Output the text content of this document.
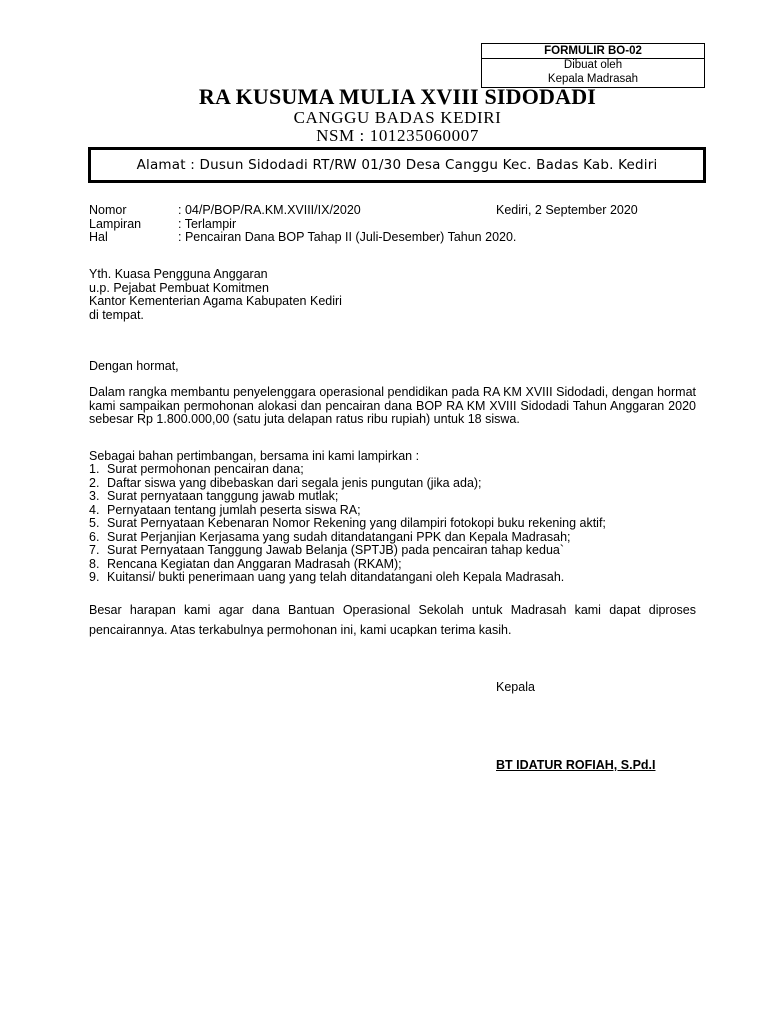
FORMULIR BO-02
Dibuat oleh
Kepala Madrasah
RA KUSUMA MULIA XVIII SIDODADI
CANGGU BADAS KEDIRI
NSM : 101235060007
Alamat : Dusun Sidodadi RT/RW 01/30 Desa Canggu Kec. Badas Kab. Kediri
Nomor	: 04/P/BOP/RA.KM.XVIII/IX/2020
Lampiran	: Terlampir
Hal	: Pencairan Dana BOP Tahap II (Juli-Desember) Tahun 2020.
Kediri, 2 September 2020
Yth. Kuasa Pengguna Anggaran
u.p. Pejabat Pembuat Komitmen
Kantor Kementerian Agama Kabupaten Kediri
di tempat.
Dengan hormat,
Dalam rangka membantu penyelenggara operasional pendidikan pada RA KM XVIII Sidodadi, dengan hormat
kami sampaikan permohonan alokasi dan pencairan dana BOP RA KM XVIII Sidodadi Tahun Anggaran 2020
sebesar Rp 1.800.000,00 (satu juta delapan ratus ribu rupiah) untuk 18 siswa.
Sebagai bahan pertimbangan, bersama ini kami lampirkan :
1. Surat permohonan pencairan dana;
2. Daftar siswa yang dibebaskan dari segala jenis pungutan (jika ada);
3. Surat pernyataan tanggung jawab mutlak;
4. Pernyataan tentang jumlah peserta siswa RA;
5. Surat Pernyataan Kebenaran Nomor Rekening yang dilampiri fotokopi buku rekening aktif;
6. Surat Perjanjian Kerjasama yang sudah ditandatangani PPK dan Kepala Madrasah;
7. Surat Pernyataan Tanggung Jawab Belanja (SPTJB) pada pencairan tahap kedua`
8. Rencana Kegiatan dan Anggaran Madrasah (RKAM);
9. Kuitansi/ bukti penerimaan uang yang telah ditandatangani oleh Kepala Madrasah.
Besar harapan kami agar dana Bantuan Operasional Sekolah untuk Madrasah kami dapat diproses
pencairannya. Atas terkabulnya permohonan ini, kami ucapkan terima kasih.
Kepala
BT IDATUR ROFIAH, S.Pd.I
